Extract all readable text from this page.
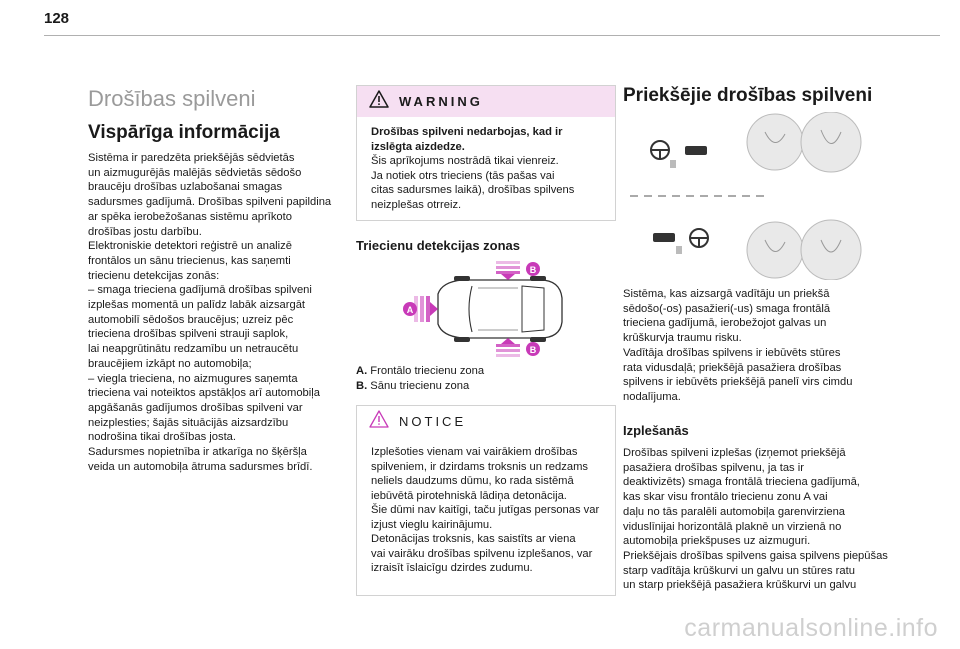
128
Drošības spilveni
Vispārīga informācija
Sistēma ir paredzēta priekšējās sēdvietās
un aizmugurējās malējās sēdvietās sēdošo
braucēju drošības uzlabošanai smagas
sadursmes gadījumā. Drošības spilveni papildina
ar spēka ierobežošanas sistēmu aprīkoto
drošības jostu darbību.
Elektroniskie detektori reģistrē un analizē
frontālos un sānu triecienus, kas saņemti
triecienu detekcijas zonās:
– smaga trieciena gadījumā drošības spilveni
izplešas momentā un palīdz labāk aizsargāt
automobilī sēdošos braucējus; uzreiz pēc
trieciena drošības spilveni strauji saplok,
lai neapgrūtinātu redzamību un netraucētu
braucējiem izkāpt no automobiļa;
– viegla trieciena, no aizmugures saņemta
trieciena vai noteiktos apstākļos arī automobiļa
apgāšanās gadījumos drošības spilveni var
neizplesties; šajās situācijās aizsardzību
nodrošina tikai drošības josta.
Sadursmes nopietnība ir atkarīga no šķēršļa
veida un automobiļa ātruma sadursmes brīdī.
WARNING
Drošības spilveni nedarbojas, kad ir
izslēgta aizdedze.
Šis aprīkojums nostrādā tikai vienreiz.
Ja notiek otrs trieciens (tās pašas vai
citas sadursmes laikā), drošības spilvens
neizplešas otrreiz.
Triecienu detekcijas zonas
A
B
B
A. Frontālo triecienu zona
B. Sānu triecienu zona
NOTICE
Izplešoties vienam vai vairākiem drošības
spilveniem, ir dzirdams troksnis un redzams
neliels daudzums dūmu, ko rada sistēmā
iebūvētā pirotehniskā lādiņa detonācija.
Šie dūmi nav kaitīgi, taču jutīgas personas var
izjust vieglu kairinājumu.
Detonācijas troksnis, kas saistīts ar viena
vai vairāku drošības spilvenu izplešanos, var
izraisīt īslaicīgu dzirdes zudumu.
Priekšējie drošības spilveni
Sistēma, kas aizsargā vadītāju un priekšā
sēdošo(-os) pasažieri(-us) smaga frontālā
trieciena gadījumā, ierobežojot galvas un
krūškurvja traumu risku.
Vadītāja drošības spilvens ir iebūvēts stūres
rata vidusdaļā; priekšējā pasažiera drošības
spilvens ir iebūvēts priekšējā panelī virs cimdu
nodalījuma.
Izplešanās
Drošības spilveni izplešas (izņemot priekšējā
pasažiera drošības spilvenu, ja tas ir
deaktivizēts) smaga frontālā trieciena gadījumā,
kas skar visu frontālo triecienu zonu A vai
daļu no tās paralēli automobiļa garenvirziena
viduslīnijai horizontālā plaknē un virzienā no
automobiļa priekšpuses uz aizmuguri.
Priekšējais drošības spilvens gaisa spilvens piepūšas
starp vadītāja krūškurvi un galvu un stūres ratu
un starp priekšējā pasažiera krūškurvi un galvu
carmanualsonline.info
